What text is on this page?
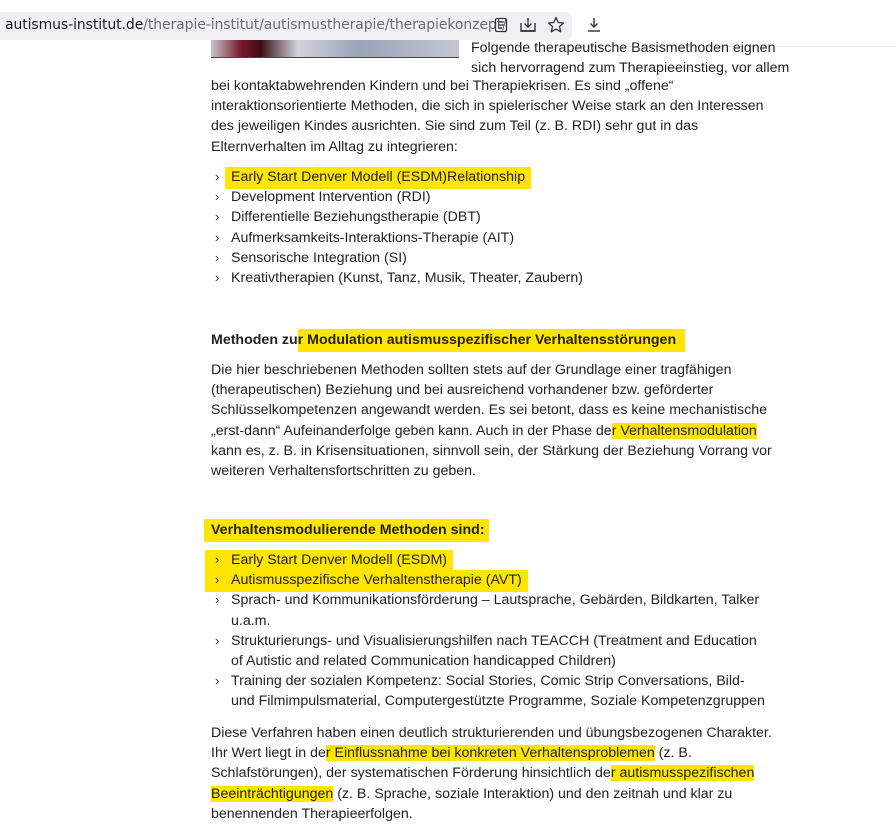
autismus-institut.de/therapie-institut/autismustherapie/therapiekonzept/
Folgende therapeutische Basismethoden eignen
sich hervorragend zum Therapieeinstieg, vor allem
bei kontaktabwehrenden Kindern und bei Therapiekrisen. Es sind „offene“ interaktionsorientierte Methoden, die sich in spielerischer Weise stark an den Interessen des jeweiligen Kindes ausrichten. Sie sind zum Teil (z. B. RDI) sehr gut in das Elternverhalten im Alltag zu integrieren:
› Early Start Denver Modell (ESDM)Relationship
› Development Intervention (RDI)
› Differentielle Beziehungstherapie (DBT)
› Aufmerksamkeits-Interaktions-Therapie (AIT)
› Sensorische Integration (SI)
› Kreativtherapien (Kunst, Tanz, Musik, Theater, Zaubern)
Methoden zur Modulation autismusspezifischer Verhaltensstörungen
Die hier beschriebenen Methoden sollten stets auf der Grundlage einer tragfähigen (therapeutischen) Beziehung und bei ausreichend vorhandener bzw. geförderter Schlüsselkompetenzen angewandt werden. Es sei betont, dass es keine mechanistische „erst-dann“ Aufeinanderfolge geben kann. Auch in der Phase der Verhaltensmodulation kann es, z. B. in Krisensituationen, sinnvoll sein, der Stärkung der Beziehung Vorrang vor weiteren Verhaltensfortschritten zu geben.
Verhaltensmodulierende Methoden sind:
› Early Start Denver Modell (ESDM)
› Autismusspezifische Verhaltenstherapie (AVT)
› Sprach- und Kommunikationsförderung – Lautsprache, Gebärden, Bildkarten, Talker u.a.m.
› Strukturierungs- und Visualisierungshilfen nach TEACCH (Treatment and Education of Autistic and related Communication handicapped Children)
› Training der sozialen Kompetenz: Social Stories, Comic Strip Conversations, Bild- und Filmimpulsmaterial, Computergestützte Programme, Soziale Kompetenzgruppen
Diese Verfahren haben einen deutlich strukturierenden und übungsbezogenen Charakter. Ihr Wert liegt in der Einflussnahme bei konkreten Verhaltensproblemen (z. B. Schlafstörungen), der systematischen Förderung hinsichtlich der autismusspezifischen Beeinträchtigungen (z. B. Sprache, soziale Interaktion) und den zeitnah und klar zu benennenden Therapieerfolgen.
